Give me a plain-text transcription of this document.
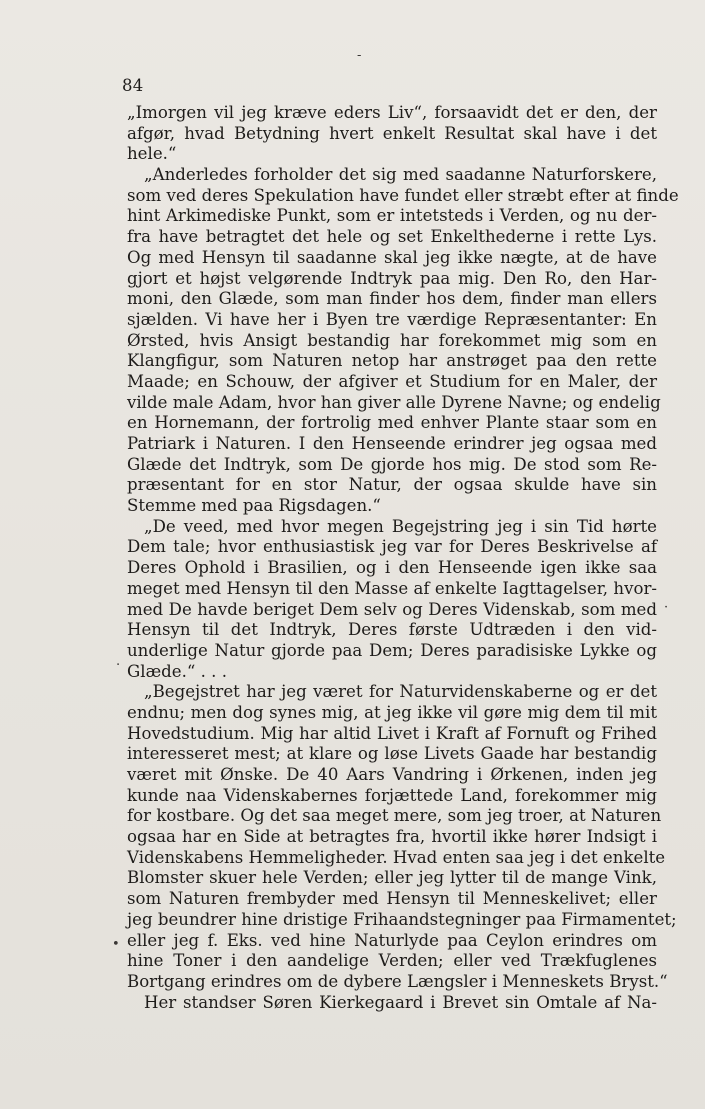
84
-
·
.
•
„Imorgen vil jeg kræve eders Liv“, forsaavidt det er den, der
afgør, hvad Betydning hvert enkelt Resultat skal have i det
hele.“
„Anderledes forholder det sig med saadanne Naturforskere,
som ved deres Spekulation have fundet eller stræbt efter at finde
hint Arkimediske Punkt, som er intetsteds i Verden, og nu der-
fra have betragtet det hele og set Enkelthederne i rette Lys.
Og med Hensyn til saadanne skal jeg ikke nægte, at de have
gjort et højst velgørende Indtryk paa mig. Den Ro, den Har-
moni, den Glæde, som man finder hos dem, finder man ellers
sjælden. Vi have her i Byen tre værdige Repræsentanter: En
Ørsted, hvis Ansigt bestandig har forekommet mig som en
Klangfigur, som Naturen netop har anstrøget paa den rette
Maade; en Schouw, der afgiver et Studium for en Maler, der
vilde male Adam, hvor han giver alle Dyrene Navne; og endelig
en Hornemann, der fortrolig med enhver Plante staar som en
Patriark i Naturen. I den Henseende erindrer jeg ogsaa med
Glæde det Indtryk, som De gjorde hos mig. De stod som Re-
præsentant for en stor Natur, der ogsaa skulde have sin
Stemme med paa Rigsdagen.“
„De veed, med hvor megen Begejstring jeg i sin Tid hørte
Dem tale; hvor enthusiastisk jeg var for Deres Beskrivelse af
Deres Ophold i Brasilien, og i den Henseende igen ikke saa
meget med Hensyn til den Masse af enkelte Iagttagelser, hvor-
med De havde beriget Dem selv og Deres Videnskab, som med
Hensyn til det Indtryk, Deres første Udtræden i den vid-
underlige Natur gjorde paa Dem; Deres paradisiske Lykke og
Glæde.“ . . .
„Begejstret har jeg været for Naturvidenskaberne og er det
endnu; men dog synes mig, at jeg ikke vil gøre mig dem til mit
Hovedstudium. Mig har altid Livet i Kraft af Fornuft og Frihed
interesseret mest; at klare og løse Livets Gaade har bestandig
været mit Ønske. De 40 Aars Vandring i Ørkenen, inden jeg
kunde naa Videnskabernes forjættede Land, forekommer mig
for kostbare. Og det saa meget mere, som jeg troer, at Naturen
ogsaa har en Side at betragtes fra, hvortil ikke hører Indsigt i
Videnskabens Hemmeligheder. Hvad enten saa jeg i det enkelte
Blomster skuer hele Verden; eller jeg lytter til de mange Vink,
som Naturen frembyder med Hensyn til Menneskelivet; eller
jeg beundrer hine dristige Frihaandstegninger paa Firmamentet;
eller jeg f. Eks. ved hine Naturlyde paa Ceylon erindres om
hine Toner i den aandelige Verden; eller ved Trækfuglenes
Bortgang erindres om de dybere Længsler i Menneskets Bryst.“
Her standser Søren Kierkegaard i Brevet sin Omtale af Na-
